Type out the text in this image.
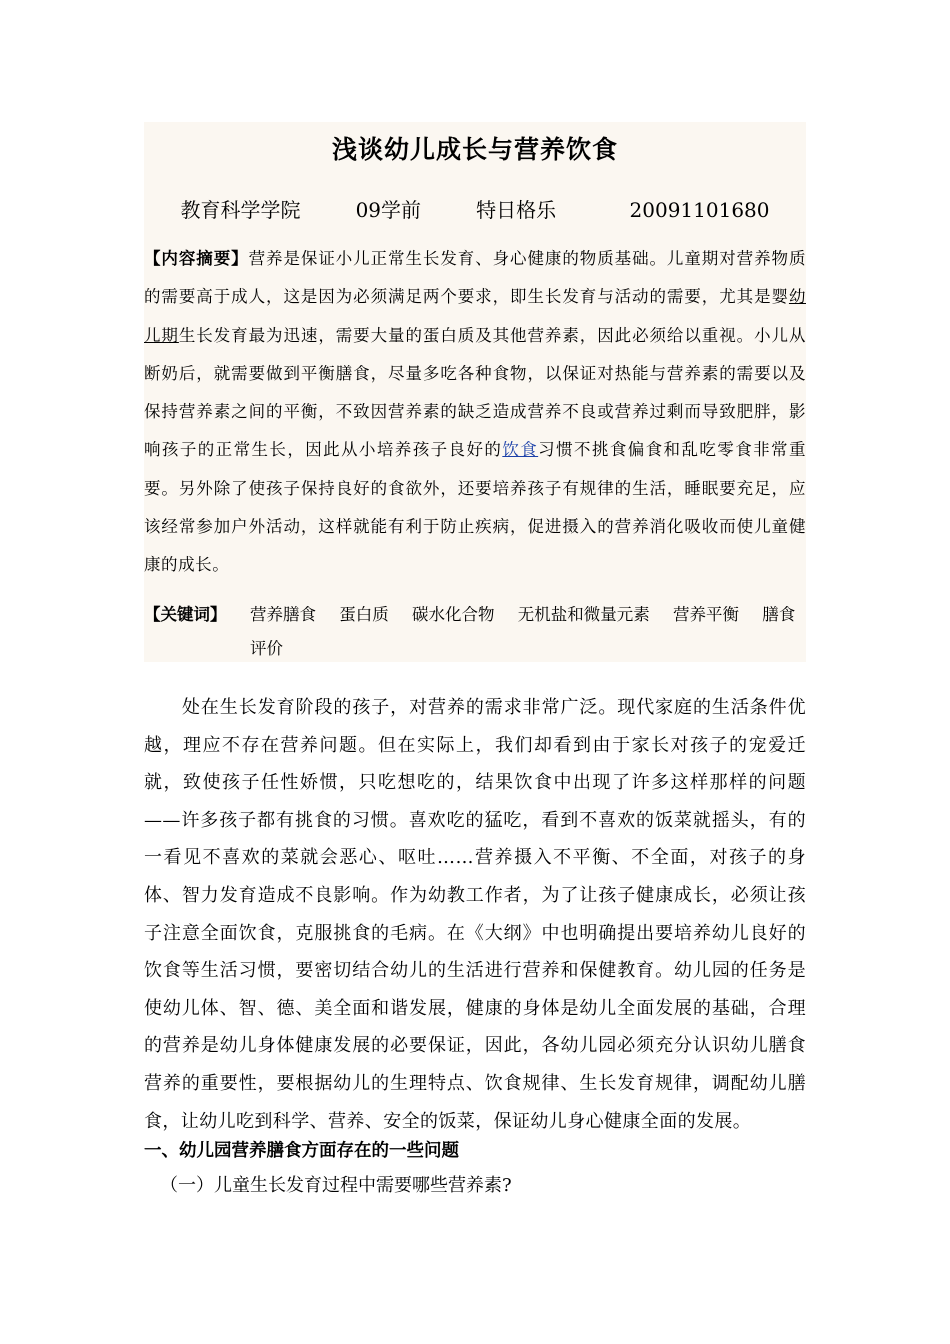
浅谈幼儿成长与营养饮食
教育科学学院   09学前   特日格乐    20091101680
【内容摘要】营养是保证小儿正常生长发育、身心健康的物质基础。儿童期对营养物质的需要高于成人，这是因为必须满足两个要求，即生长发育与活动的需要，尤其是婴幼儿期生长发育最为迅速，需要大量的蛋白质及其他营养素，因此必须给以重视。小儿从断奶后，就需要做到平衡膳食，尽量多吃各种食物，以保证对热能与营养素的需要以及保持营养素之间的平衡，不致因营养素的缺乏造成营养不良或营养过剩而导致肥胖，影响孩子的正常生长，因此从小培养孩子良好的饮食习惯不挑食偏食和乱吃零食非常重要。另外除了使孩子保持良好的食欲外，还要培养孩子有规律的生活，睡眠要充足，应该经常参加户外活动，这样就能有利于防止疾病，促进摄入的营养消化吸收而使儿童健康的成长。
【关键词】 营养膳食 蛋白质 碳水化合物 无机盐和微量元素 营养平衡 膳食评价

处在生长发育阶段的孩子，对营养的需求非常广泛。现代家庭的生活条件优越，理应不存在营养问题。但在实际上，我们却看到由于家长对孩子的宠爱迁就，致使孩子任性娇惯，只吃想吃的，结果饮食中出现了许多这样那样的问题——许多孩子都有挑食的习惯。喜欢吃的猛吃，看到不喜欢的饭菜就摇头，有的一看见不喜欢的菜就会恶心、呕吐……营养摄入不平衡、不全面，对孩子的身体、智力发育造成不良影响。作为幼教工作者，为了让孩子健康成长，必须让孩子注意全面饮食，克服挑食的毛病。在《大纲》中也明确提出要培养幼儿良好的饮食等生活习惯，要密切结合幼儿的生活进行营养和保健教育。幼儿园的任务是使幼儿体、智、德、美全面和谐发展，健康的身体是幼儿全面发展的基础，合理的营养是幼儿身体健康发展的必要保证，因此，各幼儿园必须充分认识幼儿膳食营养的重要性，要根据幼儿的生理特点、饮食规律、生长发育规律，调配幼儿膳食，让幼儿吃到科学、营养、安全的饭菜，保证幼儿身心健康全面的发展。

一、幼儿园营养膳食方面存在的一些问题
（一）儿童生长发育过程中需要哪些营养素?
